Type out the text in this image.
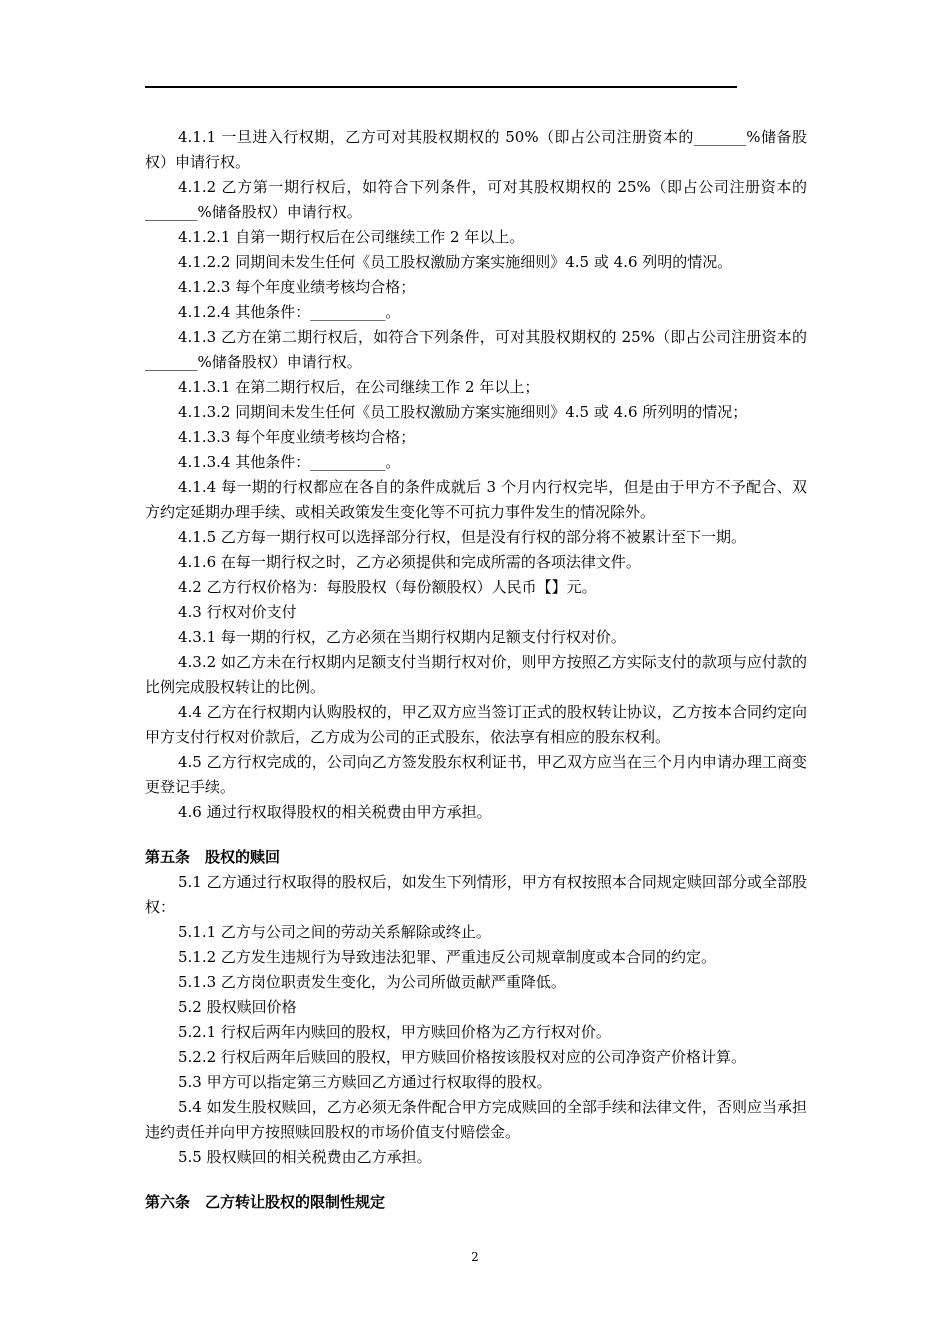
4.1.1 一旦进入行权期，乙方可对其股权期权的 50%（即占公司注册资本的_______%储备股权）申请行权。

4.1.2 乙方第一期行权后，如符合下列条件，可对其股权期权的 25%（即占公司注册资本的_______%储备股权）申请行权。

4.1.2.1 自第一期行权后在公司继续工作 2 年以上。

4.1.2.2 同期间未发生任何《员工股权激励方案实施细则》4.5 或 4.6 列明的情况。

4.1.2.3 每个年度业绩考核均合格；

4.1.2.4 其他条件：__________。

4.1.3 乙方在第二期行权后，如符合下列条件，可对其股权期权的 25%（即占公司注册资本的_______%储备股权）申请行权。

4.1.3.1 在第二期行权后，在公司继续工作 2 年以上；

4.1.3.2 同期间未发生任何《员工股权激励方案实施细则》4.5 或 4.6 所列明的情况；

4.1.3.3 每个年度业绩考核均合格；

4.1.3.4 其他条件：__________。

4.1.4 每一期的行权都应在各自的条件成就后 3 个月内行权完毕，但是由于甲方不予配合、双方约定延期办理手续、或相关政策发生变化等不可抗力事件发生的情况除外。

4.1.5 乙方每一期行权可以选择部分行权，但是没有行权的部分将不被累计至下一期。

4.1.6 在每一期行权之时，乙方必须提供和完成所需的各项法律文件。

4.2 乙方行权价格为：每股股权（每份额股权）人民币【】元。

4.3 行权对价支付

4.3.1 每一期的行权，乙方必须在当期行权期内足额支付行权对价。

4.3.2 如乙方未在行权期内足额支付当期行权对价，则甲方按照乙方实际支付的款项与应付款的比例完成股权转让的比例。

4.4 乙方在行权期内认购股权的，甲乙双方应当签订正式的股权转让协议，乙方按本合同约定向甲方支付行权对价款后，乙方成为公司的正式股东，依法享有相应的股东权利。

4.5 乙方行权完成的，公司向乙方签发股东权利证书，甲乙双方应当在三个月内申请办理工商变更登记手续。

4.6 通过行权取得股权的相关税费由甲方承担。

第五条　股权的赎回

5.1 乙方通过行权取得的股权后，如发生下列情形，甲方有权按照本合同规定赎回部分或全部股权：

5.1.1 乙方与公司之间的劳动关系解除或终止。

5.1.2 乙方发生违规行为导致违法犯罪、严重违反公司规章制度或本合同的约定。

5.1.3 乙方岗位职责发生变化，为公司所做贡献严重降低。

5.2 股权赎回价格

5.2.1 行权后两年内赎回的股权，甲方赎回价格为乙方行权对价。

5.2.2 行权后两年后赎回的股权，甲方赎回价格按该股权对应的公司净资产价格计算。

5.3 甲方可以指定第三方赎回乙方通过行权取得的股权。

5.4 如发生股权赎回，乙方必须无条件配合甲方完成赎回的全部手续和法律文件，否则应当承担违约责任并向甲方按照赎回股权的市场价值支付赔偿金。

5.5 股权赎回的相关税费由乙方承担。

第六条　乙方转让股权的限制性规定

2
